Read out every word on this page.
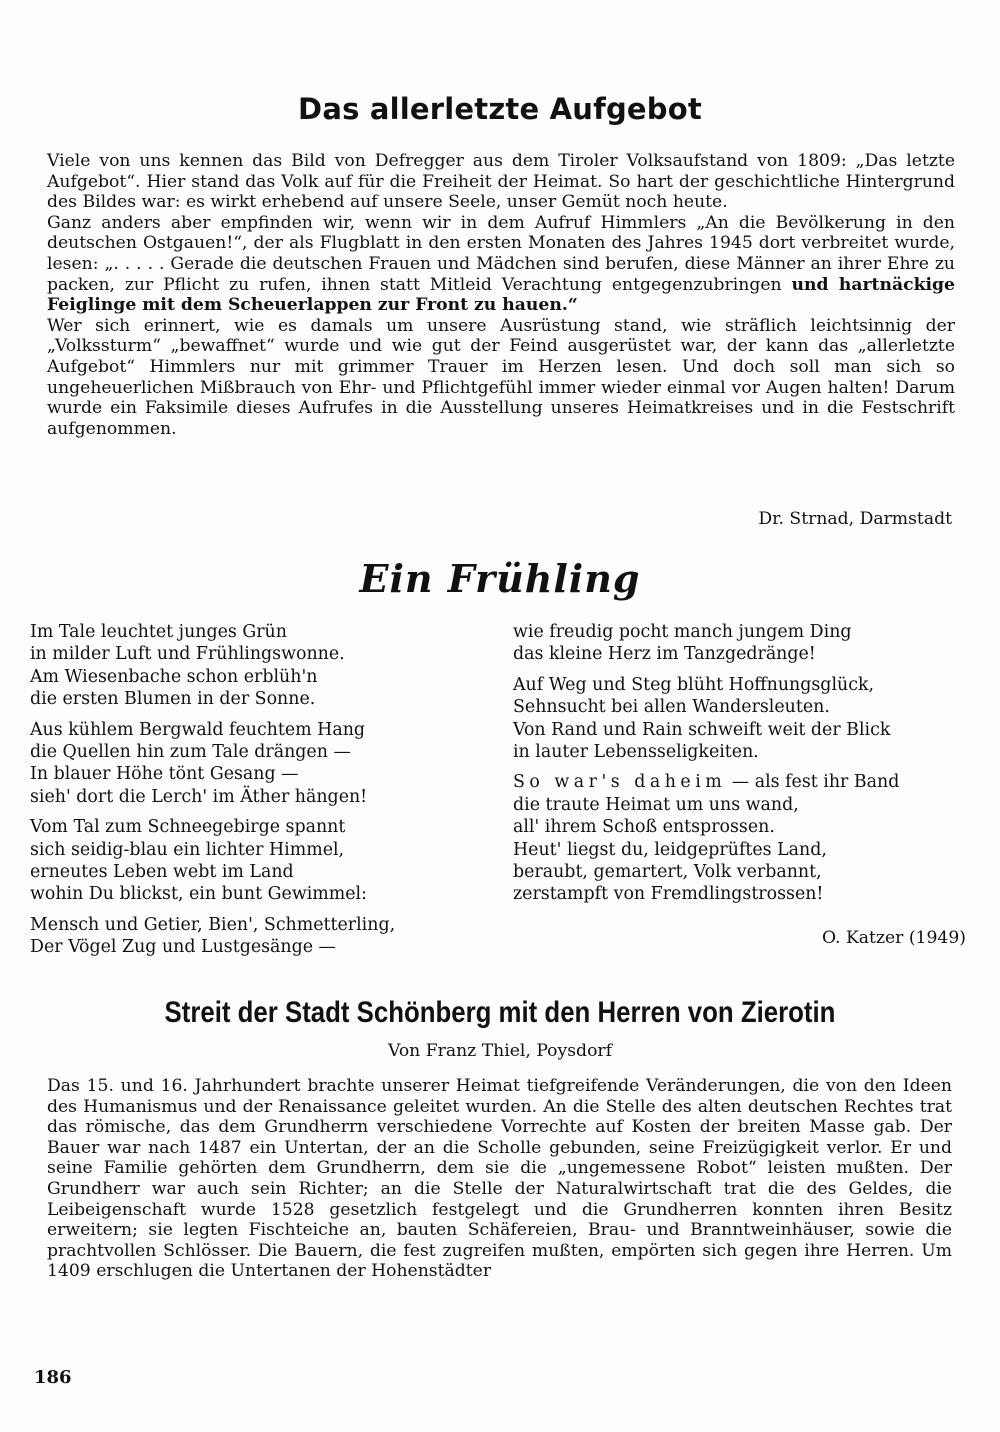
Das allerletzte Aufgebot

Viele von uns kennen das Bild von Defregger aus dem Tiroler Volksaufstand von 1809: „Das letzte Aufgebot“. Hier stand das Volk auf für die Freiheit der Heimat. So hart der geschichtliche Hintergrund des Bildes war: es wirkt erhebend auf unsere Seele, unser Gemüt noch heute.

Ganz anders aber empfinden wir, wenn wir in dem Aufruf Himmlers „An die Bevölkerung in den deutschen Ostgauen!“, der als Flugblatt in den ersten Monaten des Jahres 1945 dort verbreitet wurde, lesen: „. . . . . Gerade die deutschen Frauen und Mädchen sind berufen, diese Männer an ihrer Ehre zu packen, zur Pflicht zu rufen, ihnen statt Mitleid Verachtung entgegenzubringen und hartnäckige Feiglinge mit dem Scheuerlappen zur Front zu hauen.“

Wer sich erinnert, wie es damals um unsere Ausrüstung stand, wie sträflich leichtsinnig der „Volkssturm“ „bewaffnet“ wurde und wie gut der Feind ausgerüstet war, der kann das „allerletzte Aufgebot“ Himmlers nur mit grimmer Trauer im Herzen lesen. Und doch soll man sich so ungeheuerlichen Mißbrauch von Ehr- und Pflichtgefühl immer wieder einmal vor Augen halten! Darum wurde ein Faksimile dieses Aufrufes in die Ausstellung unseres Heimatkreises und in die Festschrift aufgenommen.

Dr. Strnad, Darmstadt
Ein Frühling
Im Tale leuchtet junges Grün
in milder Luft und Frühlingswonne.
Am Wiesenbache schon erblüh'n
die ersten Blumen in der Sonne.
Aus kühlem Bergwald feuchtem Hang
die Quellen hin zum Tale drängen —
In blauer Höhe tönt Gesang —
sieh' dort die Lerch' im Äther hängen!
Vom Tal zum Schneegebirge spannt
sich seidig-blau ein lichter Himmel,
erneutes Leben webt im Land
wohin Du blickst, ein bunt Gewimmel:
Mensch und Getier, Bien', Schmetterling,
Der Vögel Zug und Lustgesänge —
wie freudig pocht manch jungem Ding
das kleine Herz im Tanzgedränge!
Auf Weg und Steg blüht Hoffnungsglück,
Sehnsucht bei allen Wandersleuten.
Von Rand und Rain schweift weit der Blick
in lauter Lebensseligkeiten.
So war's daheim — als fest ihr Band
die traute Heimat um uns wand,
all' ihrem Schoß entsprossen.
Heut' liegst du, leidgeprüftes Land,
beraubt, gemartert, Volk verbannt,
zerstampft von Fremdlingstrossen!
O. Katzer (1949)
Streit der Stadt Schönberg mit den Herren von Zierotin
Von Franz Thiel, Poysdorf

Das 15. und 16. Jahrhundert brachte unserer Heimat tiefgreifende Veränderungen, die von den Ideen des Humanismus und der Renaissance geleitet wurden. An die Stelle des alten deutschen Rechtes trat das römische, das dem Grundherrn verschiedene Vorrechte auf Kosten der breiten Masse gab. Der Bauer war nach 1487 ein Untertan, der an die Scholle gebunden, seine Freizügigkeit verlor. Er und seine Familie gehörten dem Grundherrn, dem sie die „ungemessene Robot“ leisten mußten. Der Grundherr war auch sein Richter; an die Stelle der Naturalwirtschaft trat die des Geldes, die Leibeigenschaft wurde 1528 gesetzlich festgelegt und die Grundherren konnten ihren Besitz erweitern; sie legten Fischteiche an, bauten Schäfereien, Brau- und Branntweinhäuser, sowie die prachtvollen Schlösser. Die Bauern, die fest zugreifen mußten, empörten sich gegen ihre Herren. Um 1409 erschlugen die Untertanen der Hohenstädter

186
